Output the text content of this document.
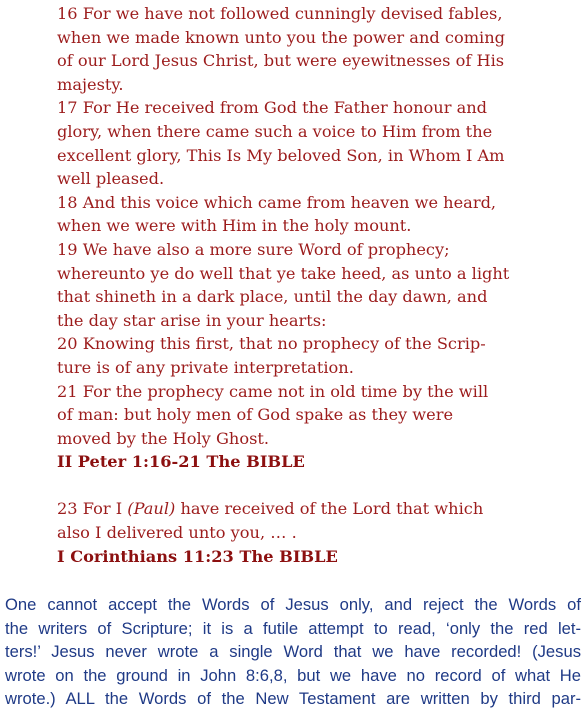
16 For we have not followed cunningly devised fables,
when we made known unto you the power and coming
of our Lord Jesus Christ, but were eyewitnesses of His
majesty.
17 For He received from God the Father honour and
glory, when there came such a voice to Him from the
excellent glory, This Is My beloved Son, in Whom I Am
well pleased.
18 And this voice which came from heaven we heard,
when we were with Him in the holy mount.
19 We have also a more sure Word of prophecy;
whereunto ye do well that ye take heed, as unto a light
that shineth in a dark place, until the day dawn, and
the day star arise in your hearts:
20 Knowing this first, that no prophecy of the Scrip-
ture is of any private interpretation.
21 For the prophecy came not in old time by the will
of man: but holy men of God spake as they were
moved by the Holy Ghost.
II Peter 1:16-21 The BIBLE
23 For I (Paul) have received of the Lord that which
also I delivered unto you, … .
I Corinthians 11:23 The BIBLE
One cannot accept the Words of Jesus only, and reject the Words of
the writers of Scripture; it is a futile attempt to read, ‘only the red let-
ters!’ Jesus never wrote a single Word that we have recorded! (Jesus
wrote on the ground in John 8:6,8, but we have no record of what He
wrote.) ALL the Words of the New Testament are written by third par-
